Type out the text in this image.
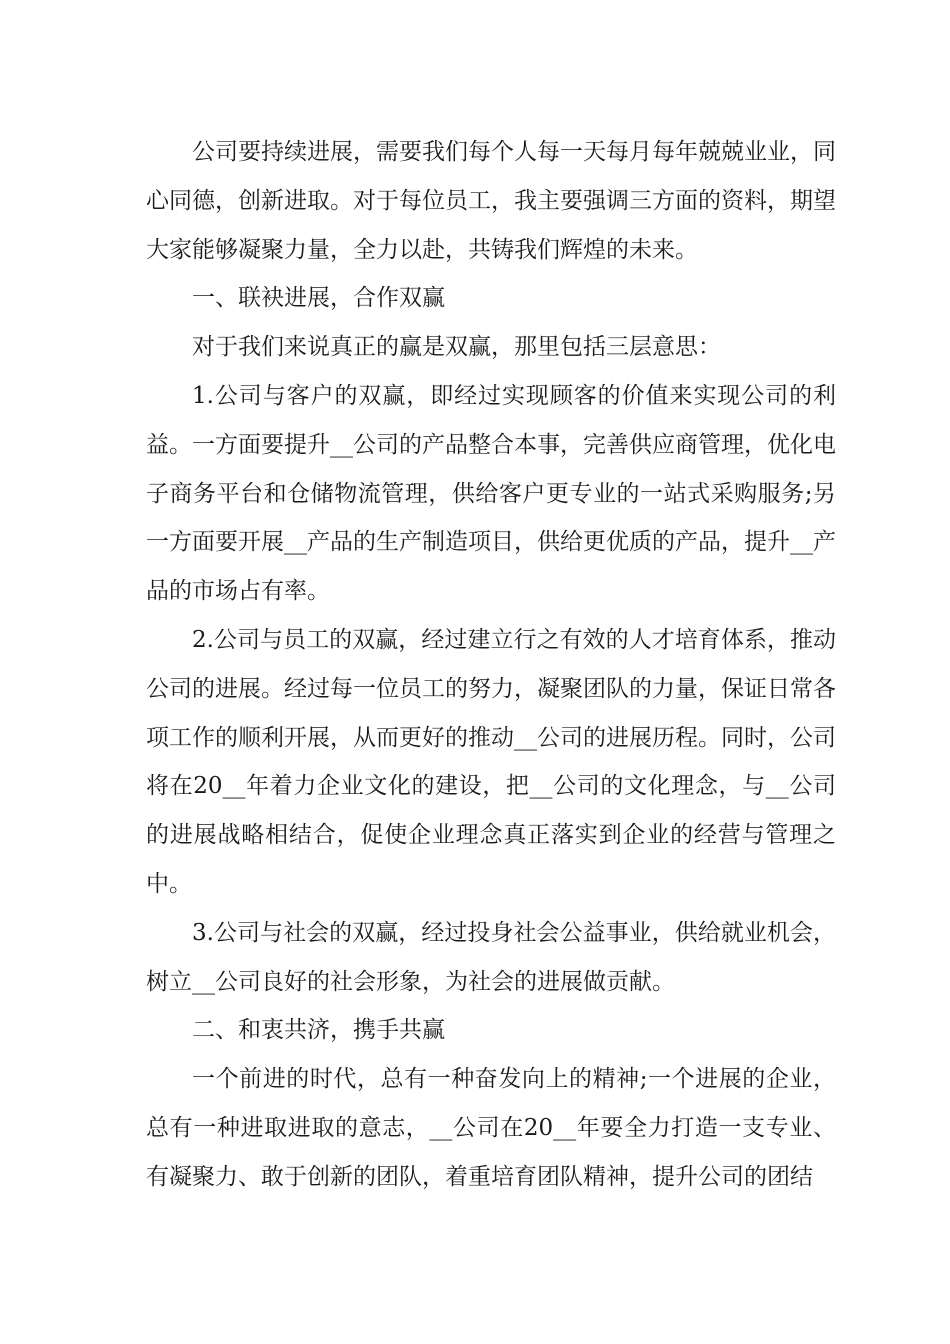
公司要持续进展，需要我们每个人每一天每月每年兢兢业业，同心同德，创新进取。对于每位员工，我主要强调三方面的资料，期望大家能够凝聚力量，全力以赴，共铸我们辉煌的未来。

一、联袂进展，合作双赢

对于我们来说真正的赢是双赢，那里包括三层意思：

1.公司与客户的双赢，即经过实现顾客的价值来实现公司的利益。一方面要提升__公司的产品整合本事，完善供应商管理，优化电子商务平台和仓储物流管理，供给客户更专业的一站式采购服务;另一方面要开展__产品的生产制造项目，供给更优质的产品，提升__产品的市场占有率。

2.公司与员工的双赢，经过建立行之有效的人才培育体系，推动公司的进展。经过每一位员工的努力，凝聚团队的力量，保证日常各项工作的顺利开展，从而更好的推动__公司的进展历程。同时，公司将在20__年着力企业文化的建设，把__公司的文化理念，与__公司的进展战略相结合，促使企业理念真正落实到企业的经营与管理之中。

3.公司与社会的双赢，经过投身社会公益事业，供给就业机会，树立__公司良好的社会形象，为社会的进展做贡献。

二、和衷共济，携手共赢

一个前进的时代，总有一种奋发向上的精神;一个进展的企业，总有一种进取进取的意志，__公司在20__年要全力打造一支专业、有凝聚力、敢于创新的团队，着重培育团队精神，提升公司的团结
